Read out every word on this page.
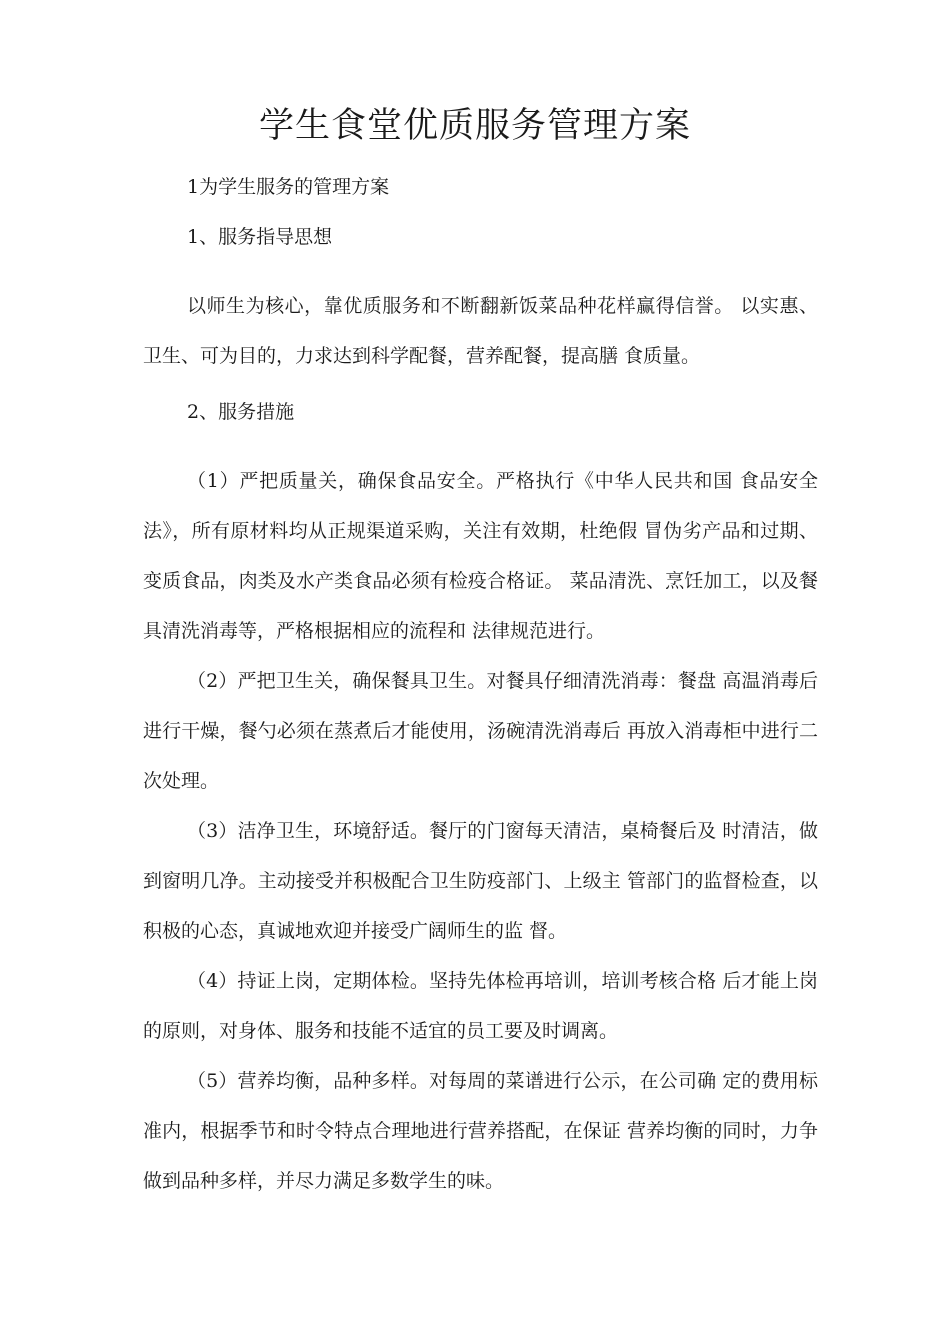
学生食堂优质服务管理方案

1为学生服务的管理方案

1、服务指导思想

以师生为核心，靠优质服务和不断翻新饭菜品种花样赢得信誉。 以实惠、卫生、可为目的，力求达到科学配餐，营养配餐，提高膳 食质量。

2、服务措施

（1）严把质量关，确保食品安全。严格执行《中华人民共和国 食品安全法》，所有原材料均从正规渠道采购，关注有效期，杜绝假 冒伪劣产品和过期、变质食品，肉类及水产类食品必须有检疫合格证。 菜品清洗、烹饪加工，以及餐具清洗消毒等，严格根据相应的流程和 法律规范进行。

（2）严把卫生关，确保餐具卫生。对餐具仔细清洗消毒：餐盘 高温消毒后进行干燥，餐勺必须在蒸煮后才能使用，汤碗清洗消毒后 再放入消毒柜中进行二次处理。

（3）洁净卫生，环境舒适。餐厅的门窗每天清洁，桌椅餐后及 时清洁，做到窗明几净。主动接受并积极配合卫生防疫部门、上级主 管部门的监督检查，以积极的心态，真诚地欢迎并接受广阔师生的监 督。

（4）持证上岗，定期体检。坚持先体检再培训，培训考核合格 后才能上岗的原则，对身体、服务和技能不适宜的员工要及时调离。

（5）营养均衡，品种多样。对每周的菜谱进行公示，在公司确 定的费用标准内，根据季节和时令特点合理地进行营养搭配，在保证 营养均衡的同时，力争做到品种多样，并尽力满足多数学生的味。
